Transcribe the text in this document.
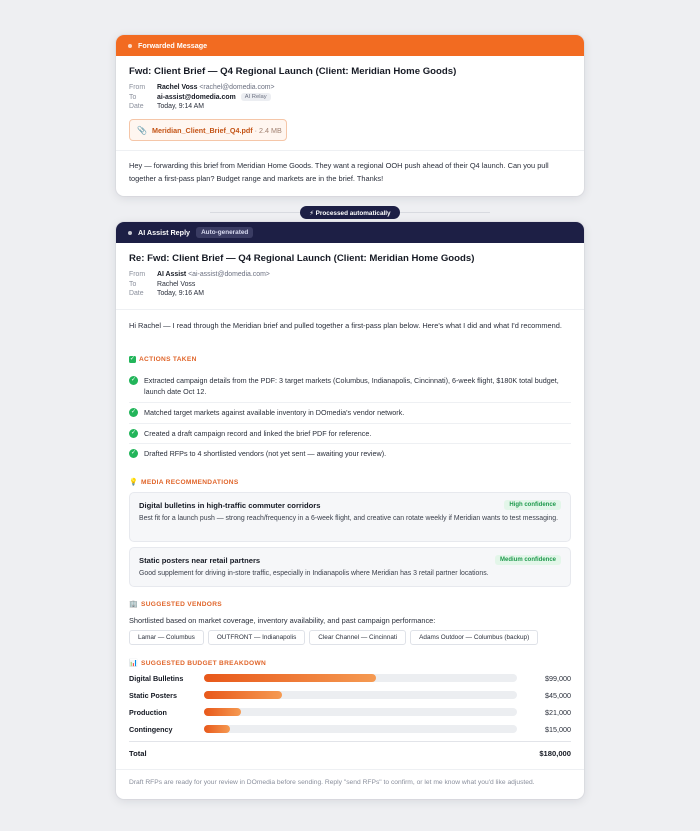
Forwarded Message
Fwd: Client Brief — Q4 Regional Launch (Client: Meridian Home Goods)
From	Rachel Voss <rachel@domedia.com>
To	ai-assist@domedia.com	AI Relay
Date	Today, 9:14 AM
📎 Meridian_Client_Brief_Q4.pdf · 2.4 MB
Hey — forwarding this brief from Meridian Home Goods. They want a regional OOH push ahead of their Q4 launch. Can you pull together a first-pass plan? Budget range and markets are in the brief. Thanks!
⚡ Processed automatically
AI Assist Reply	Auto-generated
Re: Fwd: Client Brief — Q4 Regional Launch (Client: Meridian Home Goods)
From	AI Assist <ai-assist@domedia.com>
To	Rachel Voss
Date	Today, 9:16 AM
Hi Rachel — I read through the Meridian brief and pulled together a first-pass plan below. Here's what I did and what I'd recommend.
✓ ACTIONS TAKEN
✓ Extracted campaign details from the PDF: 3 target markets (Columbus, Indianapolis, Cincinnati), 6-week flight, $180K total budget, launch date Oct 12.
✓ Matched target markets against available inventory in DOmedia's vendor network.
✓ Created a draft campaign record and linked the brief PDF for reference.
✓ Drafted RFPs to 4 shortlisted vendors (not yet sent — awaiting your review).
💡 MEDIA RECOMMENDATIONS
Digital bulletins in high-traffic commuter corridors	High confidence
Best fit for a launch push — strong reach/frequency in a 6-week flight, and creative can rotate weekly if Meridian wants to test messaging.
Static posters near retail partners	Medium confidence
Good supplement for driving in-store traffic, especially in Indianapolis where Meridian has 3 retail partner locations.
🏢 SUGGESTED VENDORS
Shortlisted based on market coverage, inventory availability, and past campaign performance:
Lamar — Columbus	OUTFRONT — Indianapolis	Clear Channel — Cincinnati	Adams Outdoor — Columbus (backup)
📊 SUGGESTED BUDGET BREAKDOWN
Digital Bulletins	$99,000
Static Posters	$45,000
Production	$21,000
Contingency	$15,000
Total	$180,000
Draft RFPs are ready for your review in DOmedia before sending. Reply "send RFPs" to confirm, or let me know what you'd like adjusted.
